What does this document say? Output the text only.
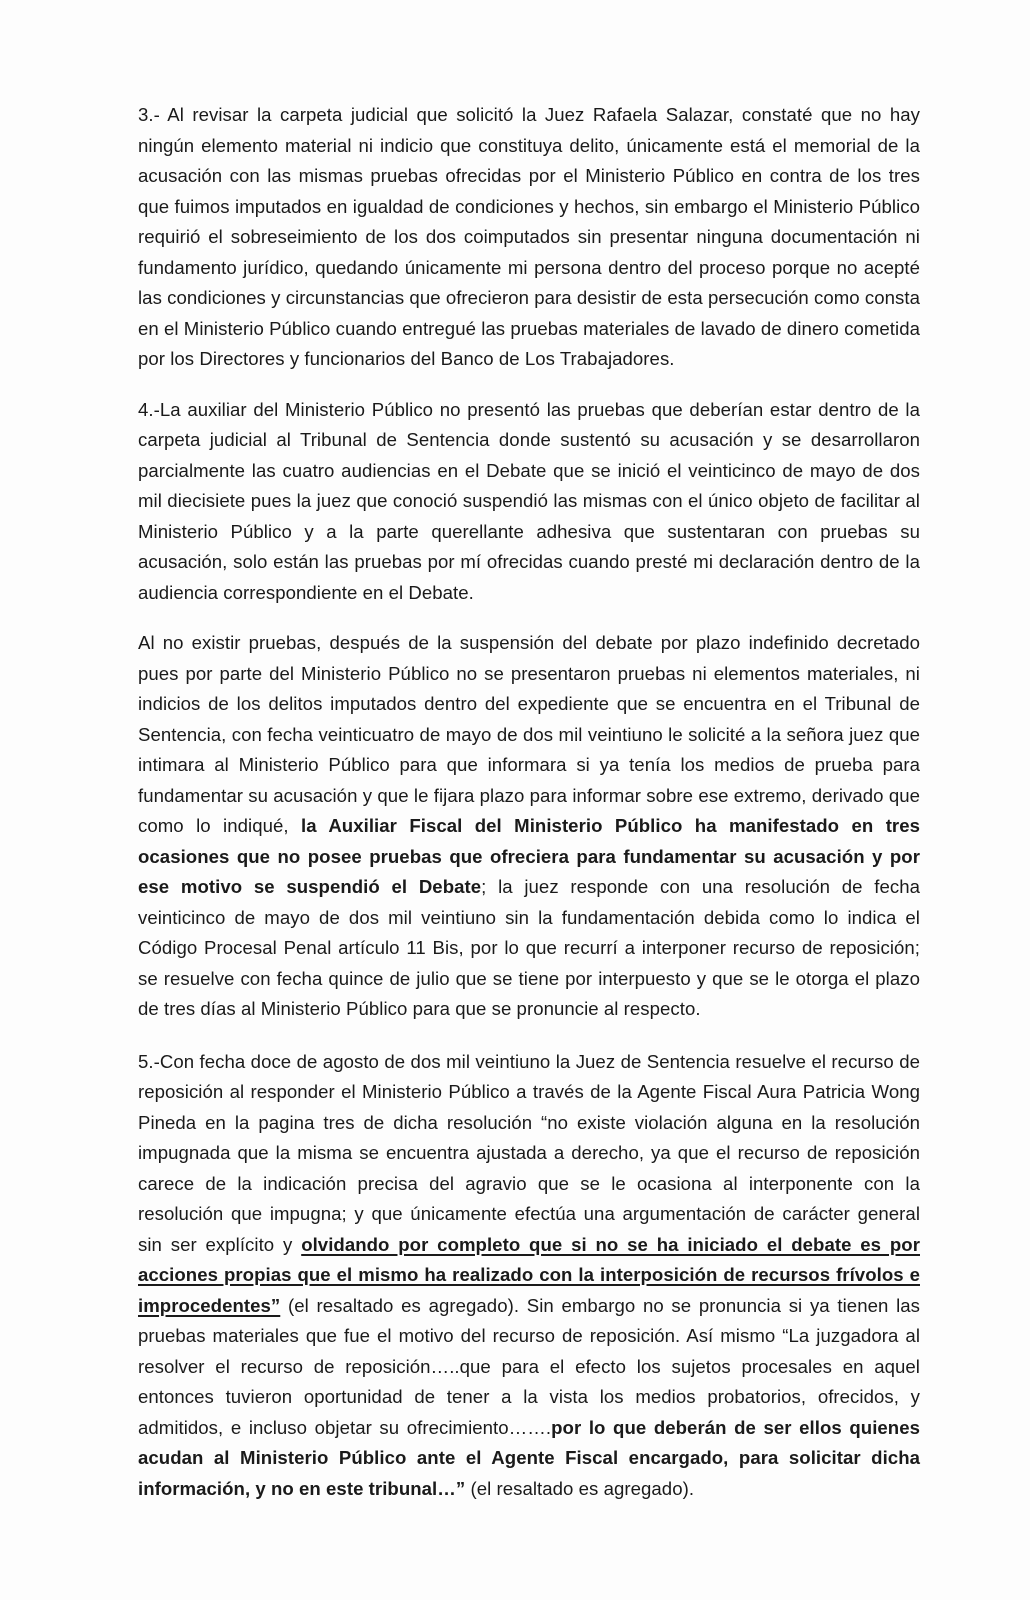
3.- Al revisar la carpeta judicial que solicitó la Juez Rafaela Salazar, constaté que no hay ningún elemento material ni indicio que constituya delito, únicamente está el memorial de la acusación con las mismas pruebas ofrecidas por el Ministerio Público en contra de los tres que fuimos imputados en igualdad de condiciones y hechos, sin embargo el Ministerio Público requirió el sobreseimiento de los dos coimputados sin presentar ninguna documentación ni fundamento jurídico, quedando únicamente mi persona dentro del proceso porque no acepté las condiciones y circunstancias que ofrecieron para desistir de esta persecución como consta en el Ministerio Público cuando entregué las pruebas materiales de lavado de dinero cometida por los Directores y funcionarios del Banco de Los Trabajadores.

4.-La auxiliar del Ministerio Público no presentó las pruebas que deberían estar dentro de la carpeta judicial al Tribunal de Sentencia donde sustentó su acusación y se desarrollaron parcialmente las cuatro audiencias en el Debate que se inició el veinticinco de mayo de dos mil diecisiete pues la juez que conoció suspendió las mismas con el único objeto de facilitar al Ministerio Público y a la parte querellante adhesiva que sustentaran con pruebas su acusación, solo están las pruebas por mí ofrecidas cuando presté mi declaración dentro de la audiencia correspondiente en el Debate.

Al no existir pruebas, después de la suspensión del debate por plazo indefinido decretado pues por parte del Ministerio Público no se presentaron pruebas ni elementos materiales, ni indicios de los delitos imputados dentro del expediente que se encuentra en el Tribunal de Sentencia, con fecha veinticuatro de mayo de dos mil veintiuno le solicité a la señora juez que intimara al Ministerio Público para que informara si ya tenía los medios de prueba para fundamentar su acusación y que le fijara plazo para informar sobre ese extremo, derivado que como lo indiqué, la Auxiliar Fiscal del Ministerio Público ha manifestado en tres ocasiones que no posee pruebas que ofreciera para fundamentar su acusación y por ese motivo se suspendió el Debate; la juez responde con una resolución de fecha veinticinco de mayo de dos mil veintiuno sin la fundamentación debida como lo indica el Código Procesal Penal artículo 11 Bis, por lo que recurrí a interponer recurso de reposición; se resuelve con fecha quince de julio que se tiene por interpuesto y que se le otorga el plazo de tres días al Ministerio Público para que se pronuncie al respecto.

5.-Con fecha doce de agosto de dos mil veintiuno la Juez de Sentencia resuelve el recurso de reposición al responder el Ministerio Público a través de la Agente Fiscal Aura Patricia Wong Pineda en la pagina tres de dicha resolución “no existe violación alguna en la resolución impugnada que la misma se encuentra ajustada a derecho, ya que el recurso de reposición carece de la indicación precisa del agravio que se le ocasiona al interponente con la resolución que impugna; y que únicamente efectúa una argumentación de carácter general sin ser explícito y olvidando por completo que si no se ha iniciado el debate es por acciones propias que el mismo ha realizado con la interposición de recursos frívolos e improcedentes” (el resaltado es agregado). Sin embargo no se pronuncia si ya tienen las pruebas materiales que fue el motivo del recurso de reposición. Así mismo “La juzgadora al resolver el recurso de reposición…..que para el efecto los sujetos procesales en aquel entonces tuvieron oportunidad de tener a la vista los medios probatorios, ofrecidos, y admitidos, e incluso objetar su ofrecimiento…….por lo que deberán de ser ellos quienes acudan al Ministerio Público ante el Agente Fiscal encargado, para solicitar dicha información, y no en este tribunal…” (el resaltado es agregado).
